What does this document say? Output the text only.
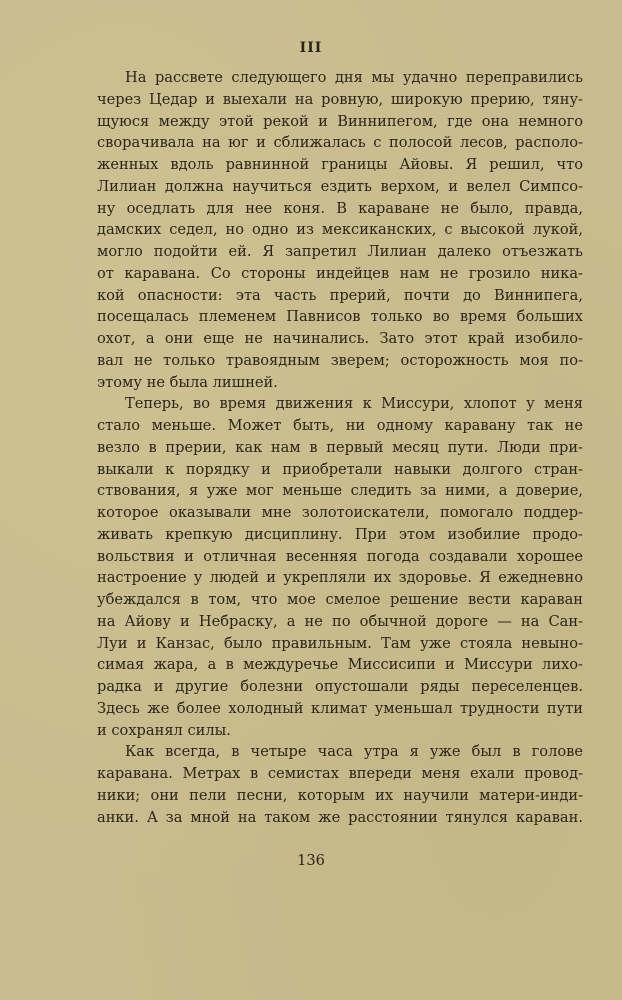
III
На рассвете следующего дня мы удачно переправились
через Цедар и выехали на ровную, широкую прерию, тяну-
щуюся между этой рекой и Виннипегом, где она немного
сворачивала на юг и сближалась с полосой лесов, располо-
женных вдоль равнинной границы Айовы. Я решил, что
Лилиан должна научиться ездить верхом, и велел Симпсо-
ну оседлать для нее коня. В караване не было, правда,
дамских седел, но одно из мексиканских, с высокой лукой,
могло подойти ей. Я запретил Лилиан далеко отъезжать
от каравана. Со стороны индейцев нам не грозило ника-
кой опасности: эта часть прерий, почти до Виннипега,
посещалась племенем Павнисов только во время больших
охот, а они еще не начинались. Зато этот край изобило-
вал не только травоядным зверем; осторожность моя по-
этому не была лишней.
Теперь, во время движения к Миссури, хлопот у меня
стало меньше. Может быть, ни одному каравану так не
везло в прерии, как нам в первый месяц пути. Люди при-
выкали к порядку и приобретали навыки долгого стран-
ствования, я уже мог меньше следить за ними, а доверие,
которое оказывали мне золотоискатели, помогало поддер-
живать крепкую дисциплину. При этом изобилие продо-
вольствия и отличная весенняя погода создавали хорошее
настроение у людей и укрепляли их здоровье. Я ежедневно
убеждался в том, что мое смелое решение вести караван
на Айову и Небраску, а не по обычной дороге — на Сан-
Луи и Канзас, было правильным. Там уже стояла невыно-
симая жара, а в междуречье Миссисипи и Миссури лихо-
радка и другие болезни опустошали ряды переселенцев.
Здесь же более холодный климат уменьшал трудности пути
и сохранял силы.
Как всегда, в четыре часа утра я уже был в голове
каравана. Метрах в семистах впереди меня ехали провод-
ники; они пели песни, которым их научили матери-инди-
анки. А за мной на таком же расстоянии тянулся караван.
136
